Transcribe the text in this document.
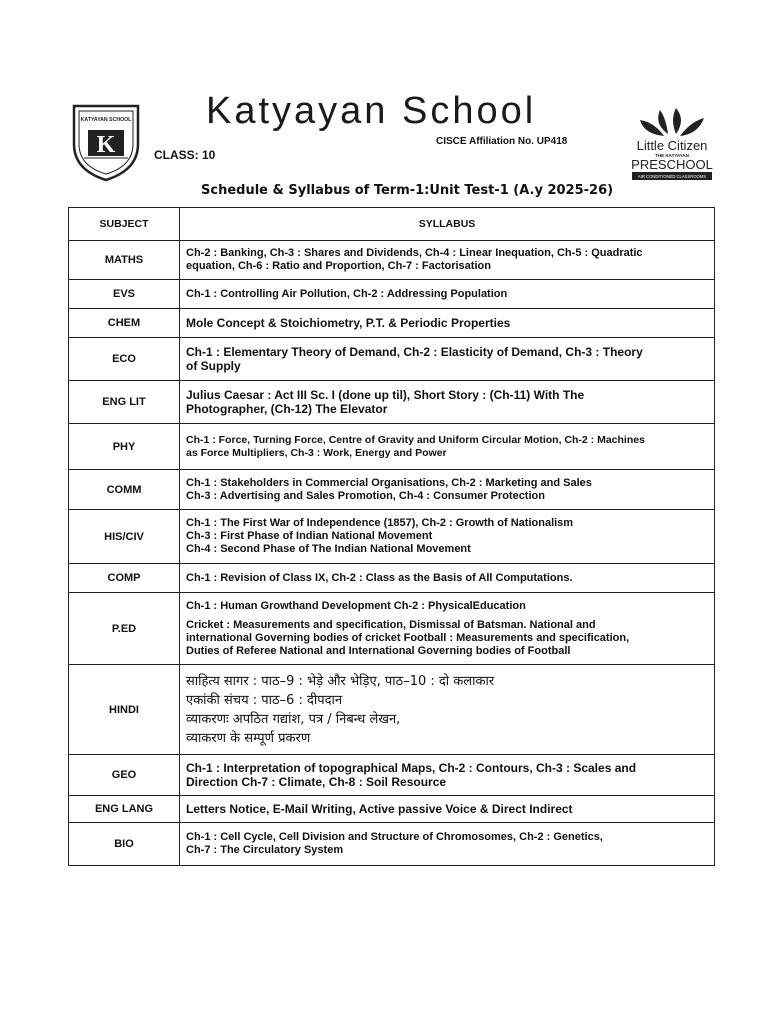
KATYAYAN SCHOOL
K
Katyayan School
CISCE Affiliation No. UP418
CLASS: 10
Little Citizen
THE KATYAYAN
PRESCHOOL
AIR CONDITIONED CLASSROOMS
Schedule & Syllabus of Term-1:Unit Test-1 (A.y 2025-26)
SUBJECT	SYLLABUS
MATHS	Ch-2 : Banking, Ch-3 : Shares and Dividends, Ch-4 : Linear Inequation, Ch-5 : Quadratic
equation, Ch-6 : Ratio and Proportion, Ch-7 : Factorisation

EVS	Ch-1 : Controlling Air Pollution, Ch-2 : Addressing Population

CHEM	Mole Concept & Stoichiometry, P.T. & Periodic Properties

ECO	Ch-1 : Elementary Theory of Demand, Ch-2 : Elasticity of Demand, Ch-3 : Theory
of Supply

ENG LIT	Julius Caesar : Act III Sc. I (done up til), Short Story : (Ch-11) With The
Photographer, (Ch-12) The Elevator

PHY	Ch-1 : Force, Turning Force, Centre of Gravity and Uniform Circular Motion, Ch-2 : Machines
as Force Multipliers, Ch-3 : Work, Energy and Power

COMM	Ch-1 : Stakeholders in Commercial Organisations, Ch-2 : Marketing and Sales
Ch-3 : Advertising and Sales Promotion, Ch-4 : Consumer Protection

HIS/CIV	Ch-1 : The First War of Independence (1857), Ch-2 : Growth of Nationalism
Ch-3 : First Phase of Indian National Movement
Ch-4 : Second Phase of The Indian National Movement

COMP	Ch-1 : Revision of Class IX, Ch-2 : Class as the Basis of All Computations.

P.ED	Ch-1 : Human Growthand Development Ch-2 : PhysicalEducation
Cricket : Measurements and specification, Dismissal of Batsman. National and
international Governing bodies of cricket Football : Measurements and specification,
Duties of Referee National and International Governing bodies of Football

HINDI	साहित्य सागर : पाठ–9 : भेड़े और भेड़िए, पाठ–10 : दो कलाकार
एकांकी संचय : पाठ–6 : दीपदान
व्याकरणः अपठित गद्यांश, पत्र / निबन्ध लेखन,
व्याकरण के सम्पूर्ण प्रकरण

GEO	Ch-1 : Interpretation of topographical Maps, Ch-2 : Contours, Ch-3 : Scales and
Direction Ch-7 : Climate, Ch-8 : Soil Resource

ENG LANG	Letters Notice, E-Mail Writing, Active passive Voice & Direct Indirect

BIO	Ch-1 : Cell Cycle, Cell Division and Structure of Chromosomes, Ch-2 : Genetics,
Ch-7 : The Circulatory System
